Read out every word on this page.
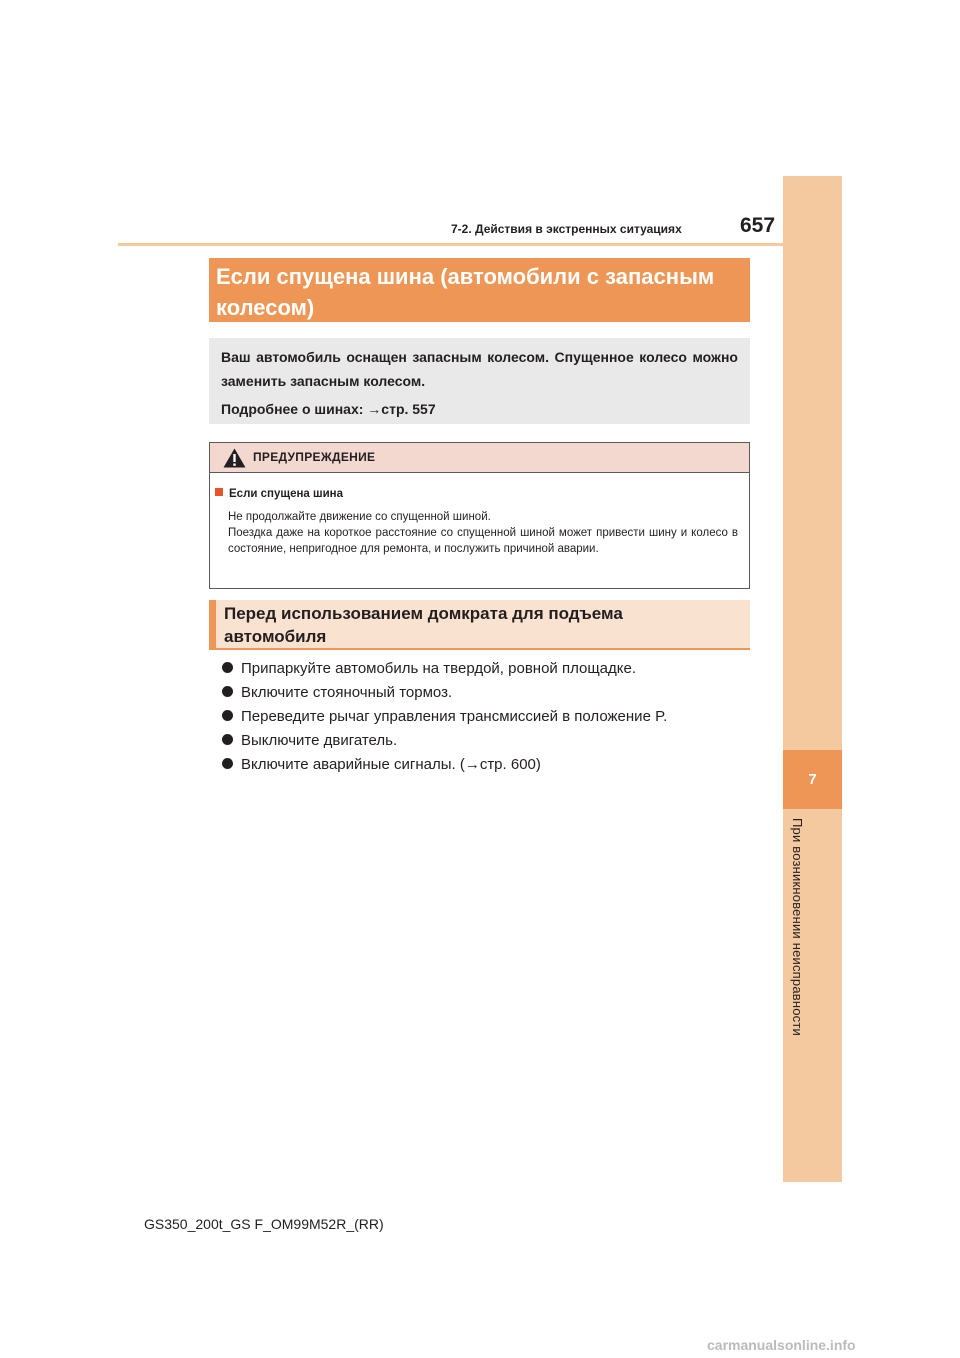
7
При возникновении неисправности
7-2. Действия в экстренных ситуациях	657
Если спущена шина (автомобили с запасным
колесом)

Ваш автомобиль оснащен запасным колесом. Спущенное колесо можно заменить запасным колесом.

Подробнее о шинах: →стр. 557

ПРЕДУПРЕЖДЕНИЕ
Если спущена шина

Не продолжайте движение со спущенной шиной.

Поездка даже на короткое расстояние со спущенной шиной может привести шину и колесо в состояние, непригодное для ремонта, и послужить причиной аварии.

Перед использованием домкрата для подъема

автомобиля

Припаркуйте автомобиль на твердой, ровной площадке.
Включите стояночный тормоз.
Переведите рычаг управления трансмиссией в положение P.
Выключите двигатель.
Включите аварийные сигналы. (→стр. 600)
GS350_200t_GS F_OM99M52R_(RR)
carmanualsonline.info
